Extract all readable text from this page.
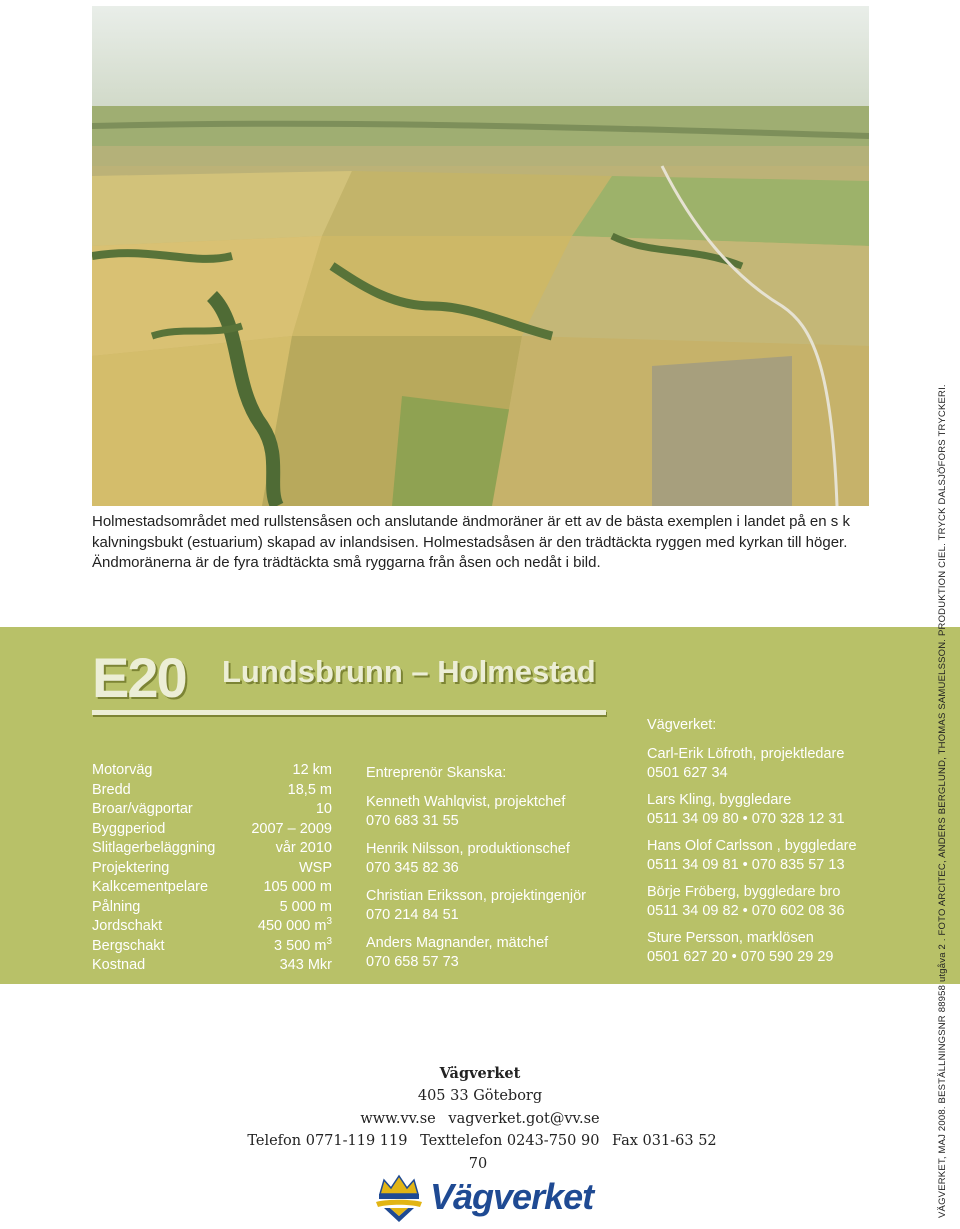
Holmestadsområdet med rullstensåsen och anslutande ändmoräner är ett av de bästa exemplen i landet på en s k kalvningsbukt (estuarium) skapad av inlandsisen. Holmestadsåsen är den trädtäckta ryggen med kyrkan till höger. Ändmoränerna är de fyra trädtäckta små ryggarna från åsen och nedåt i bild.

E20 Lundsbrunn – Holmestad
Motorväg	12 km
Bredd	18,5 m
Broar/vägportar	10
Byggperiod	2007 – 2009
Slitlagerbeläggning	vår 2010
Projektering	WSP
Kalkcementpelare	105 000 m
Pålning	5 000 m
Jordschakt	450 000 $m^3$
Bergschakt	3 500 $m^3$
Kostnad	343 Mkr
Entreprenör Skanska:
Kenneth Wahlqvist, projektchef
070 683 31 55
Henrik Nilsson, produktionschef
070 345 82 36
Christian Eriksson, projektingenjör
070 214 84 51
Anders Magnander, mätchef
070 658 57 73
Vägverket:
Carl-Erik Löfroth, projektledare
0501 627 34
Lars Kling, byggledare
0511 34 09 80 • 070 328 12 31
Hans Olof Carlsson , byggledare
0511 34 09 81 • 070 835 57 13
Börje Fröberg, byggledare bro
0511 34 09 82 • 070 602 08 36
Sture Persson, marklösen
0501 627 20 • 070 590 29 29
Vägverket
405 33 Göteborg
www.vv.se vagverket.got@vv.se
Telefon 0771-119 119 Texttelefon 0243-750 90 Fax 031-63 52 70
Vägverket	VÄGVERKET, MAJ 2008. BESTÄLLNINGSNR 88958 utgåva 2 . FOTO ARCITEC, ANDERS BERGLUND, THOMAS SAMUELSSON. PRODUKTION CIEL. TRYCK DALSJÖFORS TRYCKERI.
